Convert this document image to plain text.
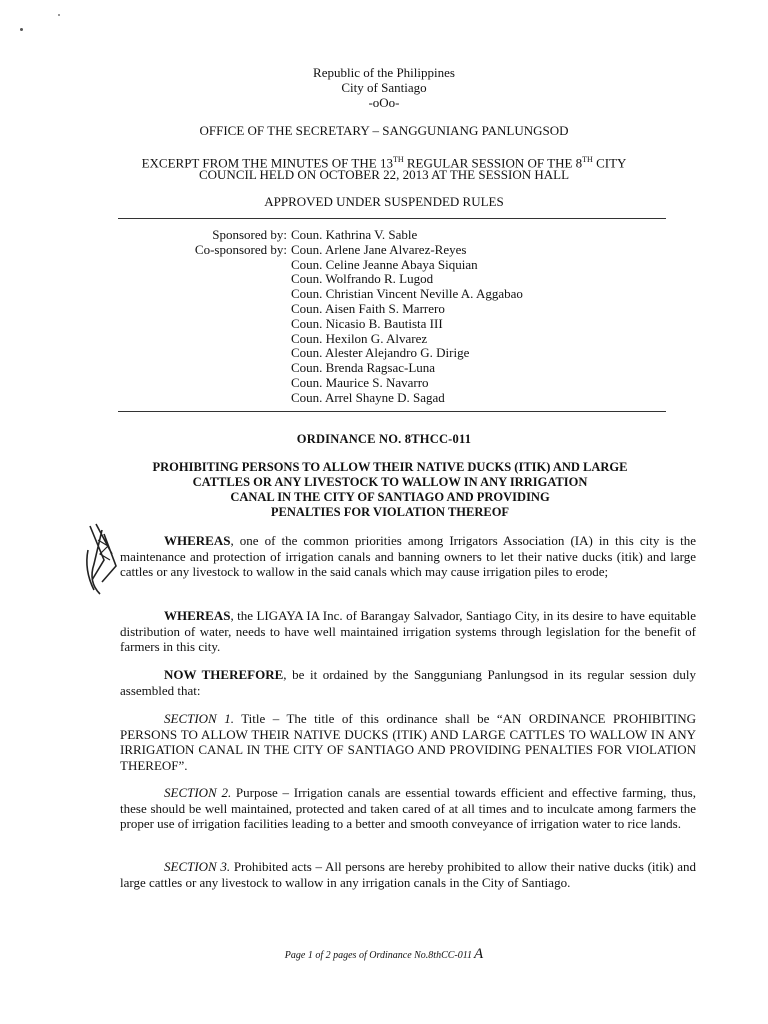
Republic of the Philippines
City of Santiago
-oOo-
OFFICE OF THE SECRETARY – SANGGUNIANG PANLUNGSOD
EXCERPT FROM THE MINUTES OF THE 13TH REGULAR SESSION OF THE 8TH CITY
COUNCIL HELD ON OCTOBER 22, 2013 AT THE SESSION HALL
APPROVED UNDER SUSPENDED RULES
Sponsored by: Coun. Kathrina V. Sable
Co-sponsored by: Coun. Arlene Jane Alvarez-Reyes
Coun. Celine Jeanne Abaya Siquian
Coun. Wolfrando R. Lugod
Coun. Christian Vincent Neville A. Aggabao
Coun. Aisen Faith S. Marrero
Coun. Nicasio B. Bautista III
Coun. Hexilon G. Alvarez
Coun. Alester Alejandro G. Dirige
Coun. Brenda Ragsac-Luna
Coun. Maurice S. Navarro
Coun. Arrel Shayne D. Sagad
ORDINANCE NO. 8THCC-011
PROHIBITING PERSONS TO ALLOW THEIR NATIVE DUCKS (ITIK) AND LARGE
CATTLES OR ANY LIVESTOCK TO WALLOW IN ANY IRRIGATION
CANAL IN THE CITY OF SANTIAGO AND PROVIDING
PENALTIES FOR VIOLATION THEREOF
WHEREAS, one of the common priorities among Irrigators Association (IA) in this city is the maintenance and protection of irrigation canals and banning owners to let their native ducks (itik) and large cattles or any livestock to wallow in the said canals which may cause irrigation piles to erode;
WHEREAS, the LIGAYA IA Inc. of Barangay Salvador, Santiago City, in its desire to have equitable distribution of water, needs to have well maintained irrigation systems through legislation for the benefit of farmers in this city.
NOW THEREFORE, be it ordained by the Sangguniang Panlungsod in its regular session duly assembled that:
SECTION 1. Title – The title of this ordinance shall be “AN ORDINANCE PROHIBITING PERSONS TO ALLOW THEIR NATIVE DUCKS (ITIK) AND LARGE CATTLES TO WALLOW IN ANY IRRIGATION CANAL IN THE CITY OF SANTIAGO AND PROVIDING PENALTIES FOR VIOLATION THEREOF”.
SECTION 2. Purpose – Irrigation canals are essential towards efficient and effective farming, thus, these should be well maintained, protected and taken cared of at all times and to inculcate among farmers the proper use of irrigation facilities leading to a better and smooth conveyance of irrigation water to rice lands.
SECTION 3. Prohibited acts – All persons are hereby prohibited to allow their native ducks (itik) and large cattles or any livestock to wallow in any irrigation canals in the City of Santiago.
Page 1 of 2 pages of Ordinance No.8thCC-011 A
